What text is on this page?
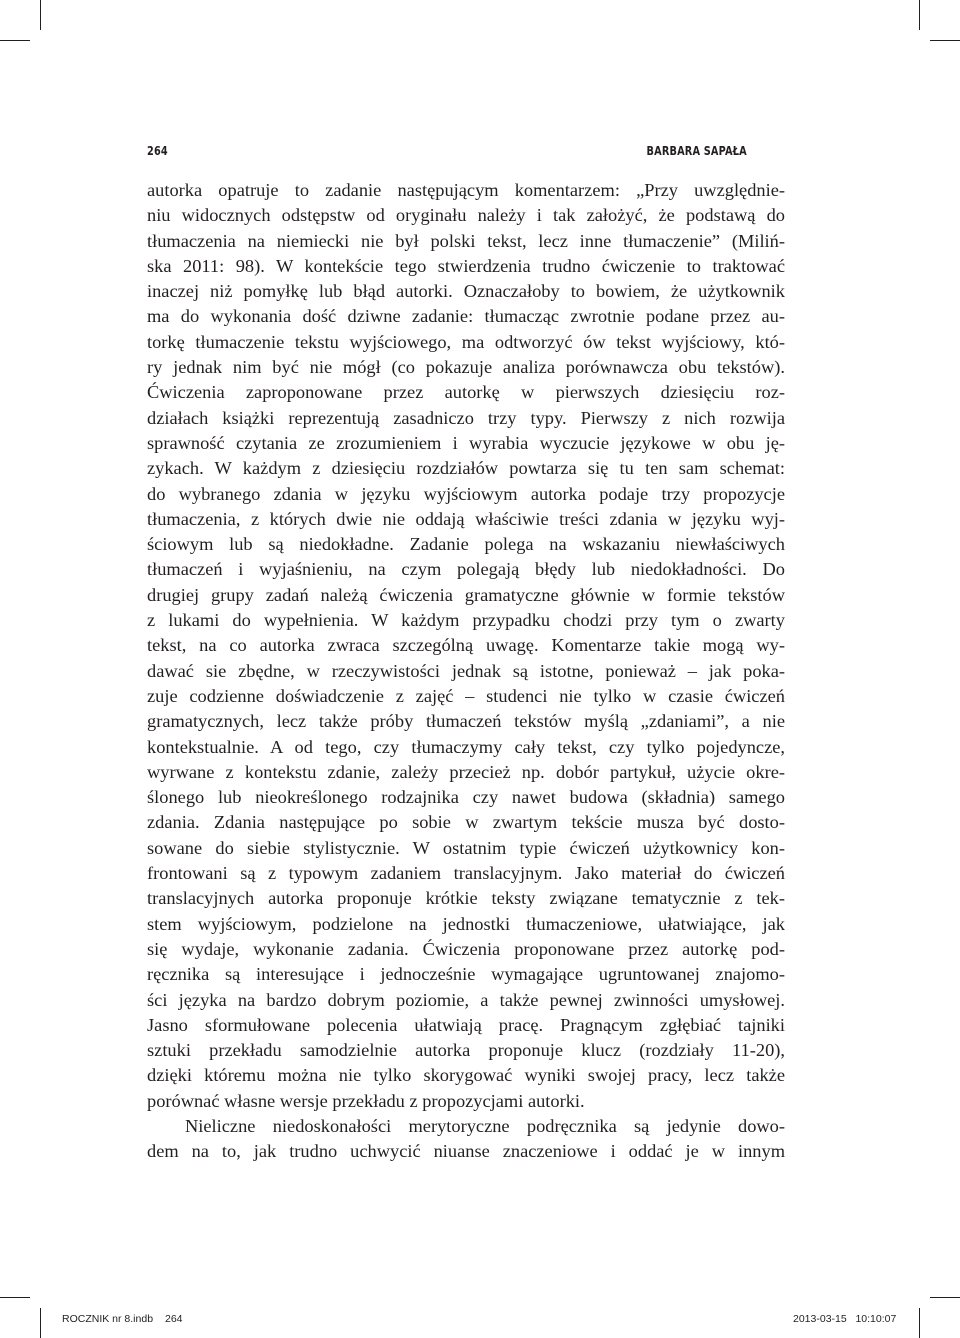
264	BARBARA SAPAŁA
autorka opatruje to zadanie następującym komentarzem: „Przy uwzględnie-
niu widocznych odstępstw od oryginału należy i tak założyć, że podstawą do
tłumaczenia na niemiecki nie był polski tekst, lecz inne tłumaczenie” (Miliń-
ska 2011: 98). W kontekście tego stwierdzenia trudno ćwiczenie to traktować
inaczej niż pomyłkę lub błąd autorki. Oznaczałoby to bowiem, że użytkownik
ma do wykonania dość dziwne zadanie: tłumacząc zwrotnie podane przez au-
torkę tłumaczenie tekstu wyjściowego, ma odtworzyć ów tekst wyjściowy, któ-
ry jednak nim być nie mógł (co pokazuje analiza porównawcza obu tekstów).
Ćwiczenia zaproponowane przez autorkę w pierwszych dziesięciu roz-
działach książki reprezentują zasadniczo trzy typy. Pierwszy z nich rozwija
sprawność czytania ze zrozumieniem i wyrabia wyczucie językowe w obu ję-
zykach. W każdym z dziesięciu rozdziałów powtarza się tu ten sam schemat:
do wybranego zdania w języku wyjściowym autorka podaje trzy propozycje
tłumaczenia, z których dwie nie oddają właściwie treści zdania w języku wyj-
ściowym lub są niedokładne. Zadanie polega na wskazaniu niewłaściwych
tłumaczeń i wyjaśnieniu, na czym polegają błędy lub niedokładności. Do
drugiej grupy zadań należą ćwiczenia gramatyczne głównie w formie tekstów
z lukami do wypełnienia. W każdym przypadku chodzi przy tym o zwarty
tekst, na co autorka zwraca szczególną uwagę. Komentarze takie mogą wy-
dawać sie zbędne, w rzeczywistości jednak są istotne, ponieważ – jak poka-
zuje codzienne doświadczenie z zajęć – studenci nie tylko w czasie ćwiczeń
gramatycznych, lecz także próby tłumaczeń tekstów myślą „zdaniami”, a nie
kontekstualnie. A od tego, czy tłumaczymy cały tekst, czy tylko pojedyncze,
wyrwane z kontekstu zdanie, zależy przecież np. dobór partykuł, użycie okre-
ślonego lub nieokreślonego rodzajnika czy nawet budowa (składnia) samego
zdania. Zdania następujące po sobie w zwartym tekście musza być dosto-
sowane do siebie stylistycznie. W ostatnim typie ćwiczeń użytkownicy kon-
frontowani są z typowym zadaniem translacyjnym. Jako materiał do ćwiczeń
translacyjnych autorka proponuje krótkie teksty związane tematycznie z tek-
stem wyjściowym, podzielone na jednostki tłumaczeniowe, ułatwiające, jak
się wydaje, wykonanie zadania. Ćwiczenia proponowane przez autorkę pod-
ręcznika są interesujące i jednocześnie wymagające ugruntowanej znajomo-
ści języka na bardzo dobrym poziomie, a także pewnej zwinności umysłowej.
Jasno sformułowane polecenia ułatwiają pracę. Pragnącym zgłębiać tajniki
sztuki przekładu samodzielnie autorka proponuje klucz (rozdziały 11-20),
dzięki któremu można nie tylko skorygować wyniki swojej pracy, lecz także
porównać własne wersje przekładu z propozycjami autorki.
Nieliczne niedoskonałości merytoryczne podręcznika są jedynie dowo-
dem na to, jak trudno uchwycić niuanse znaczeniowe i oddać je w innym
ROCZNIK nr 8.indb 264	2013-03-15   10:10:07
